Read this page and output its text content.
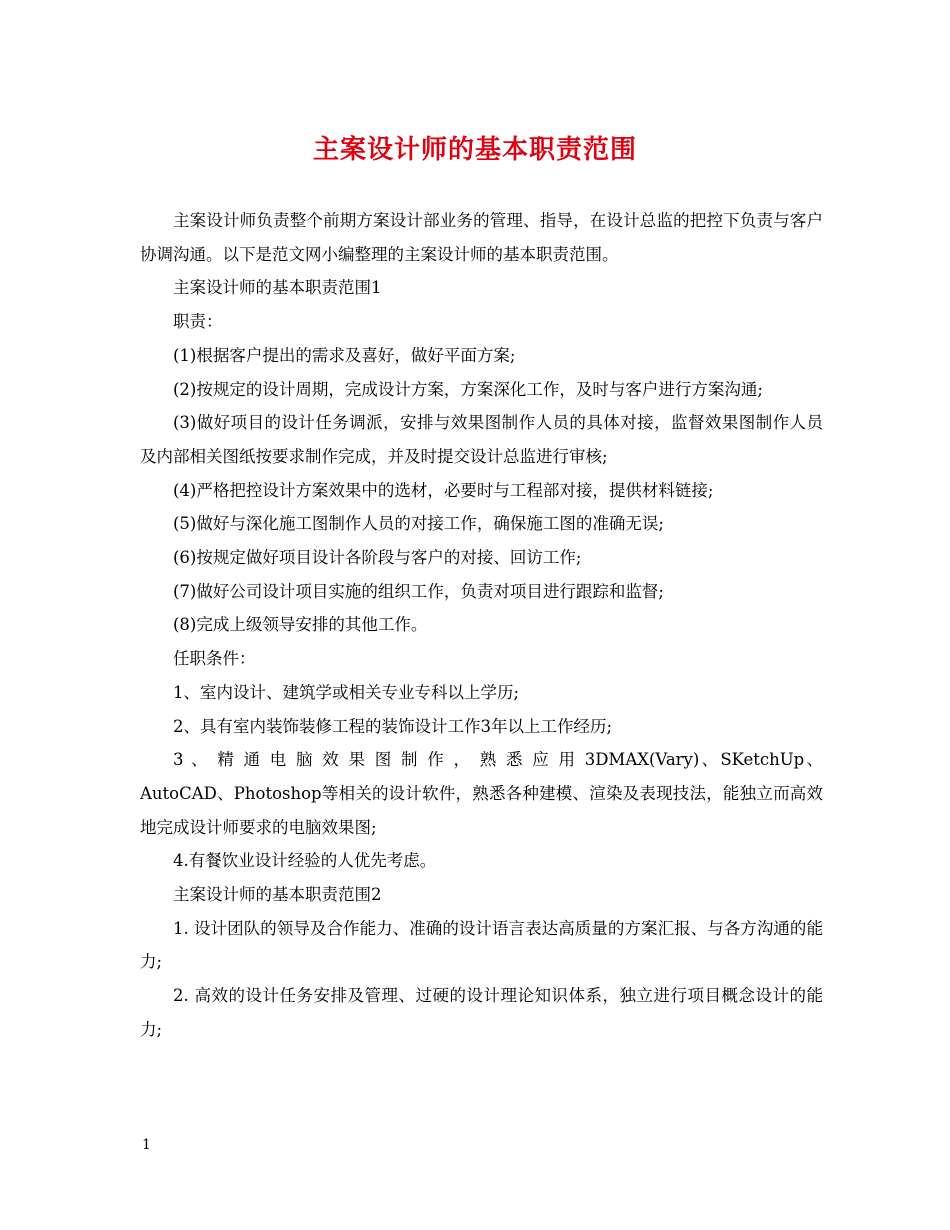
主案设计师的基本职责范围

主案设计师负责整个前期方案设计部业务的管理、指导，在设计总监的把控下负责与客户协调沟通。以下是范文网小编整理的主案设计师的基本职责范围。

主案设计师的基本职责范围1

职责：

(1)根据客户提出的需求及喜好，做好平面方案;

(2)按规定的设计周期，完成设计方案，方案深化工作，及时与客户进行方案沟通;

(3)做好项目的设计任务调派，安排与效果图制作人员的具体对接，监督效果图制作人员及内部相关图纸按要求制作完成，并及时提交设计总监进行审核;

(4)严格把控设计方案效果中的选材，必要时与工程部对接，提供材料链接;

(5)做好与深化施工图制作人员的对接工作，确保施工图的准确无误;

(6)按规定做好项目设计各阶段与客户的对接、回访工作;

(7)做好公司设计项目实施的组织工作，负责对项目进行跟踪和监督;

(8)完成上级领导安排的其他工作。

任职条件：

1、室内设计、建筑学或相关专业专科以上学历;

2、具有室内装饰装修工程的装饰设计工作3年以上工作经历;

3 、 精 通 电 脑 效 果 图 制 作 ， 熟 悉 应 用 3DMAX(Vary)、SKetchUp、AutoCAD、Photoshop等相关的设计软件，熟悉各种建模、渲染及表现技法，能独立而高效地完成设计师要求的电脑效果图;

4.有餐饮业设计经验的人优先考虑。

主案设计师的基本职责范围2

1. 设计团队的领导及合作能力、准确的设计语言表达高质量的方案汇报、与各方沟通的能力;

2. 高效的设计任务安排及管理、过硬的设计理论知识体系，独立进行项目概念设计的能力;

1
